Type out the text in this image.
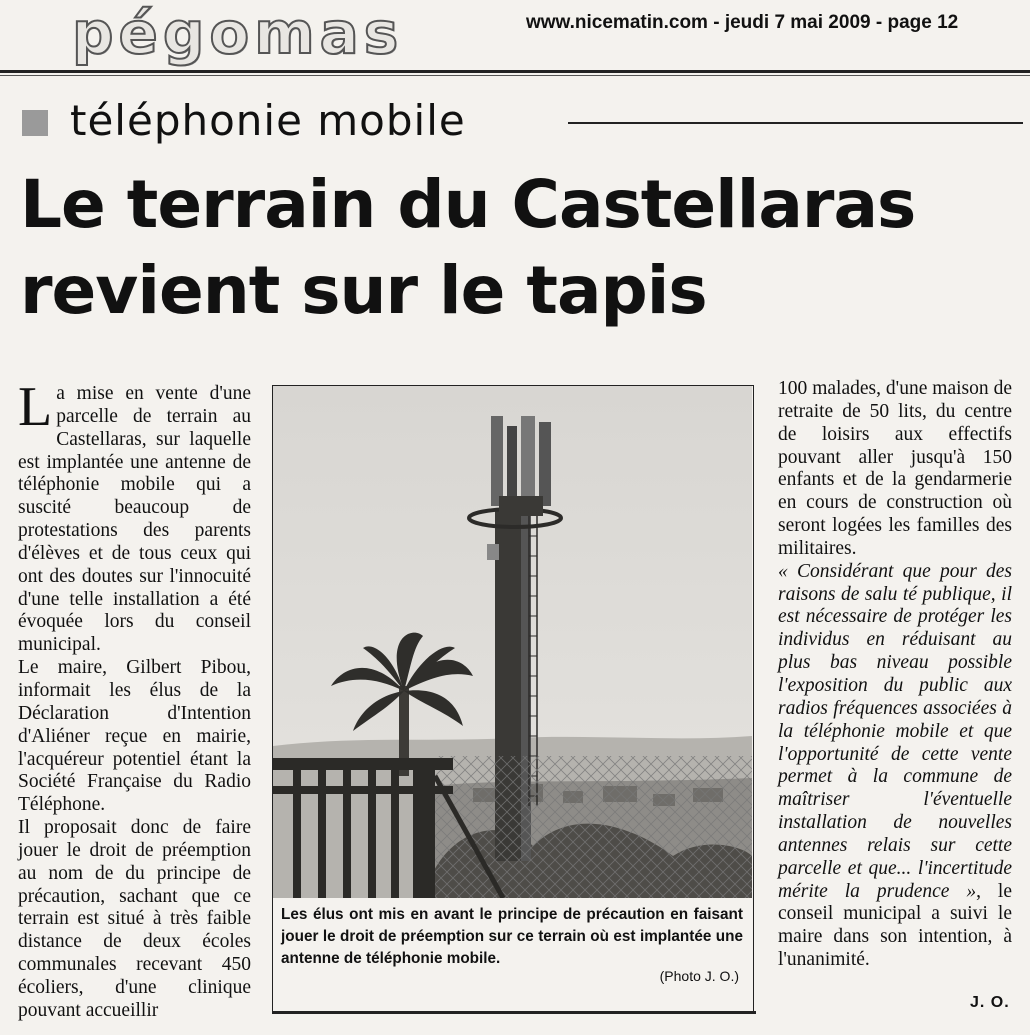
pégomas	www.nicematin.com - jeudi 7 mai 2009 - page 12
téléphonie mobile
Le terrain du Castellaras revient sur le tapis

La mise en vente d'une parcelle de terrain au Castellaras, sur laquelle est implantée une antenne de téléphonie mobile qui a suscité beaucoup de protestations des parents d'élèves et de tous ceux qui ont des doutes sur l'innocuité d'une telle installation a été évoquée lors du conseil municipal.

Le maire, Gilbert Pibou, informait les élus de la Déclaration d'Intention d'Aliéner reçue en mairie, l'acquéreur potentiel étant la Société Française du Radio Téléphone.

Il proposait donc de faire jouer le droit de préemption au nom de du principe de précaution, sachant que ce terrain est situé à très faible distance de deux écoles communales recevant 450 écoliers, d'une clinique pouvant accueillir

Les élus ont mis en avant le principe de précaution en faisant jouer le droit de préemption sur ce terrain où est implantée une antenne de téléphonie mobile.
(Photo J. O.)

100 malades, d'une maison de retraite de 50 lits, du centre de loisirs aux effectifs pouvant aller jusqu'à 150 enfants et de la gendarmerie en cours de construction où seront logées les familles des militaires.

« Considérant que pour des raisons de salu té publique, il est nécessaire de protéger les individus en réduisant au plus bas niveau possible l'exposition du public aux radios fréquences associées à la téléphonie mobile et que l'opportunité de cette vente permet à la commune de maîtriser l'éventuelle installation de nouvelles antennes relais sur cette parcelle et que... l'incertitude mérite la prudence », le conseil municipal a suivi le maire dans son intention, à l'unanimité.

J. O.
